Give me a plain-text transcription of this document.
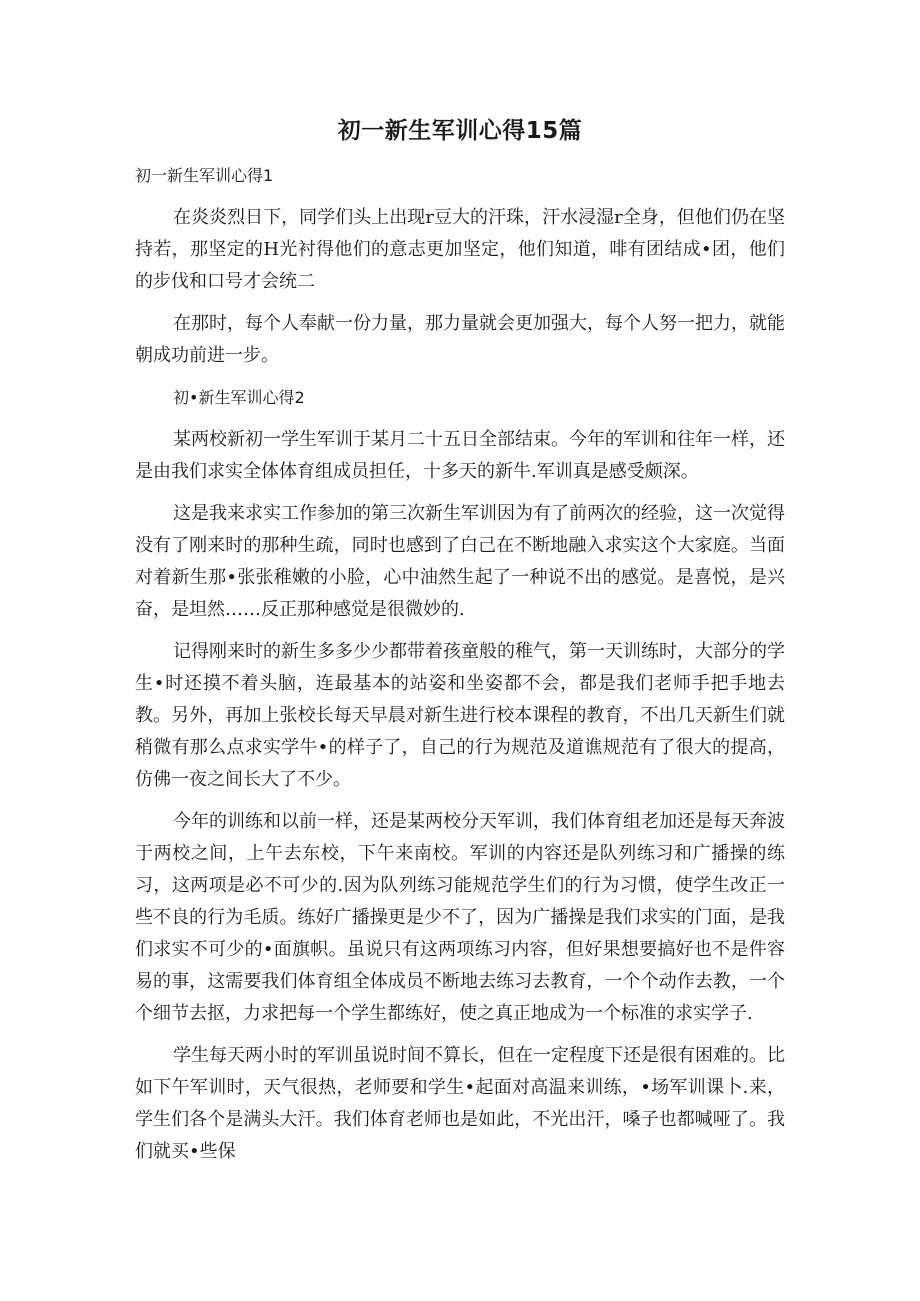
初一新生军训心得15篇

初一新生军训心得1

在炎炎烈日下，同学们头上出现r豆大的汗珠，汗水浸湿r全身，但他们仍在坚持若，那坚定的H光衬得他们的意志更加坚定，他们知道，啡有团结成•团，他们的步伐和口号才会统二

在那时，每个人奉献一份力量，那力量就会更加强大，每个人努一把力，就能朝成功前进一步。

初•新生军训心得2

某两校新初一学生军训于某月二十五日全部结束。今年的军训和往年一样，还是由我们求实全体体育组成员担任，十多天的新牛.军训真是感受颇深。

这是我来求实工作参加的第三次新生军训因为有了前两次的经验，这一次觉得没有了刚来时的那种生疏，同时也感到了白己在不断地融入求实这个大家庭。当面对着新生那•张张稚嫩的小脸，心中油然生起了一种说不出的感觉。是喜悦，是兴奋，是坦然……反正那种感觉是很微妙的.

记得刚来时的新生多多少少都带着孩童般的稚气，第一天训练时，大部分的学生•时还摸不着头脑，连最基本的站姿和坐姿都不会，都是我们老师手把手地去教。另外，再加上张校长每天早晨对新生进行校本课程的教育，不出几天新生们就稍微有那么点求实学牛•的样子了，自己的行为规范及道谯规范有了很大的提高，仿佛一夜之间长大了不少。

今年的训练和以前一样，还是某两校分天军训，我们体育组老加还是每天奔波于两校之间，上午去东校，下午来南校。军训的内容还是队列练习和广播操的练习，这两项是必不可少的.因为队列练习能规范学生们的行为习惯，使学生改正一些不良的行为毛质。练好广播操更是少不了，因为广播操是我们求实的门面，是我们求实不可少的•面旗帜。虽说只有这两项练习内容，但好果想要搞好也不是件容易的事，这需要我们体育组全体成员不断地去练习去教育，一个个动作去教，一个个细节去抠，力求把每一个学生都练好，使之真正地成为一个标准的求实学子.

学生每天两小时的军训虽说时间不算长，但在一定程度下还是很有困难的。比如下午军训时，天气很热，老师要和学生•起面对高温来训练，•场军训课卜.来，学生们各个是满头大汗。我们体育老师也是如此，不光出汗，嗓子也都喊哑了。我们就买•些保
